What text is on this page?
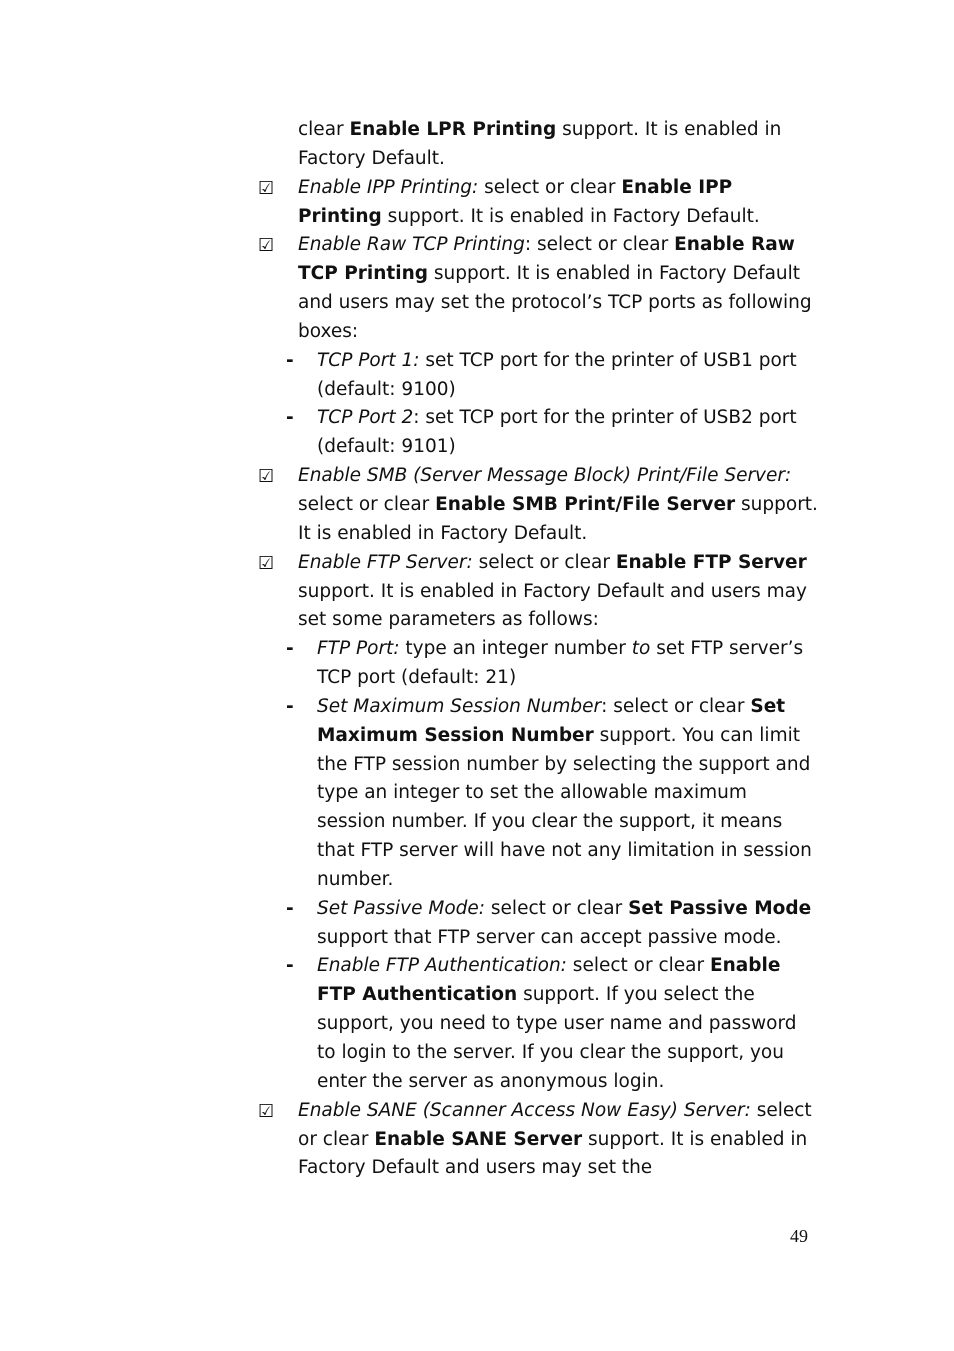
clear Enable LPR Printing support. It is enabled in Factory Default.
☑ Enable IPP Printing: select or clear Enable IPP Printing support. It is enabled in Factory Default.
☑ Enable Raw TCP Printing: select or clear Enable Raw TCP Printing support. It is enabled in Factory Default and users may set the protocol’s TCP ports as following boxes:
- TCP Port 1: set TCP port for the printer of USB1 port (default: 9100)
- TCP Port 2: set TCP port for the printer of USB2 port (default: 9101)
☑ Enable SMB (Server Message Block) Print/File Server: select or clear Enable SMB Print/File Server support. It is enabled in Factory Default.
☑ Enable FTP Server: select or clear Enable FTP Server support. It is enabled in Factory Default and users may set some parameters as follows:
- FTP Port: type an integer number to set FTP server’s TCP port (default: 21)
- Set Maximum Session Number: select or clear Set Maximum Session Number support. You can limit the FTP session number by selecting the support and type an integer to set the allowable maximum session number. If you clear the support, it means that FTP server will have not any limitation in session number.
- Set Passive Mode: select or clear Set Passive Mode support that FTP server can accept passive mode.
- Enable FTP Authentication: select or clear Enable FTP Authentication support. If you select the support, you need to type user name and password to login to the server. If you clear the support, you enter the server as anonymous login.
☑ Enable SANE (Scanner Access Now Easy) Server: select or clear Enable SANE Server support. It is enabled in Factory Default and users may set the
49
